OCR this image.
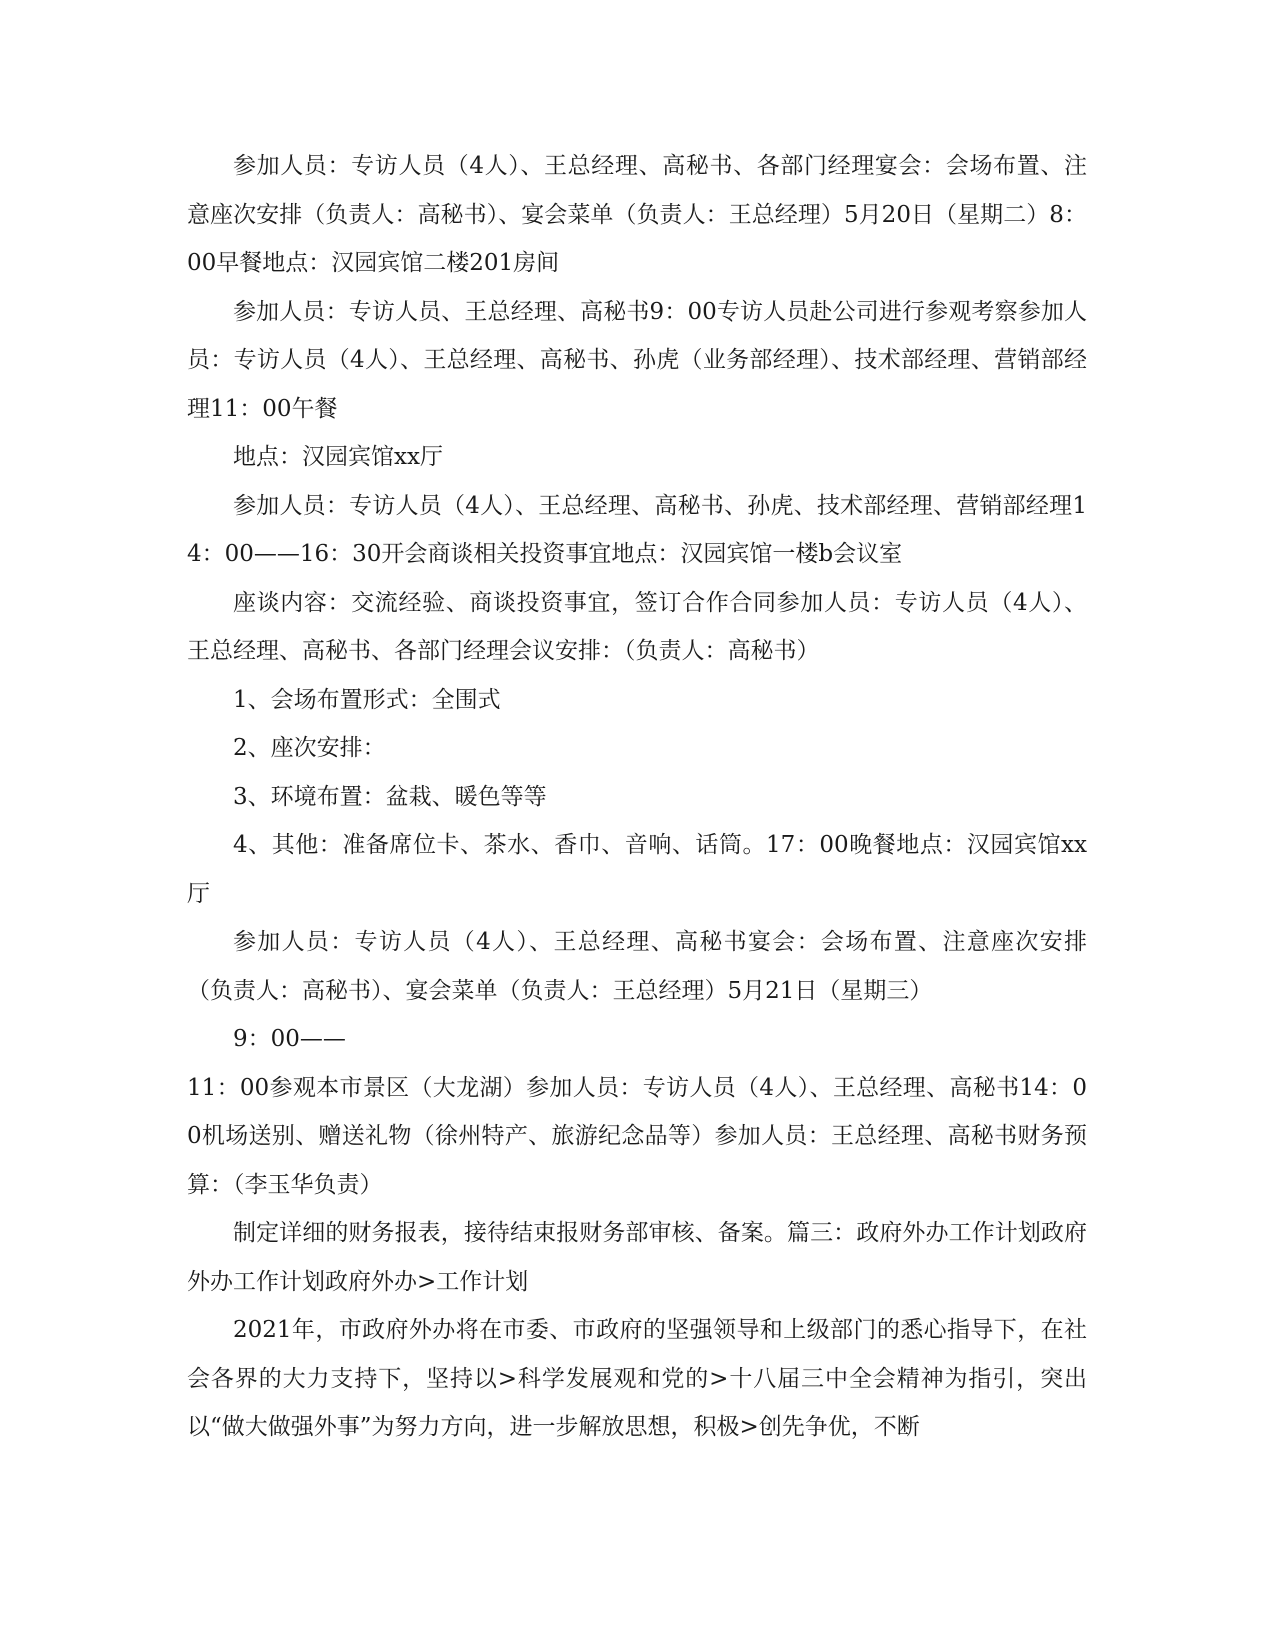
参加人员：专访人员（4人）、王总经理、高秘书、各部门经理宴会：会场布置、注意座次安排（负责人：高秘书）、宴会菜单（负责人：王总经理）5月20日（星期二）8：00早餐地点：汉园宾馆二楼201房间

参加人员：专访人员、王总经理、高秘书9：00专访人员赴公司进行参观考察参加人员：专访人员（4人）、王总经理、高秘书、孙虎（业务部经理）、技术部经理、营销部经理11：00午餐

地点：汉园宾馆xx厅

参加人员：专访人员（4人）、王总经理、高秘书、孙虎、技术部经理、营销部经理14：00——16：30开会商谈相关投资事宜地点：汉园宾馆一楼b会议室

座谈内容：交流经验、商谈投资事宜，签订合作合同参加人员：专访人员（4人）、王总经理、高秘书、各部门经理会议安排：（负责人：高秘书）

1、会场布置形式：全围式

2、座次安排：

3、环境布置：盆栽、暖色等等

4、其他：准备席位卡、茶水、香巾、音响、话筒。17：00晚餐地点：汉园宾馆xx厅

参加人员：专访人员（4人）、王总经理、高秘书宴会：会场布置、注意座次安排（负责人：高秘书）、宴会菜单（负责人：王总经理）5月21日（星期三）

9：00——

11：00参观本市景区（大龙湖）参加人员：专访人员（4人）、王总经理、高秘书14：00机场送别、赠送礼物（徐州特产、旅游纪念品等）参加人员：王总经理、高秘书财务预算：（李玉华负责）

制定详细的财务报表，接待结束报财务部审核、备案。篇三：政府外办工作计划政府外办工作计划政府外办>工作计划

2021年，市政府外办将在市委、市政府的坚强领导和上级部门的悉心指导下，在社会各界的大力支持下，坚持以>科学发展观和党的>十八届三中全会精神为指引，突出以“做大做强外事”为努力方向，进一步解放思想，积极>创先争优，不断
